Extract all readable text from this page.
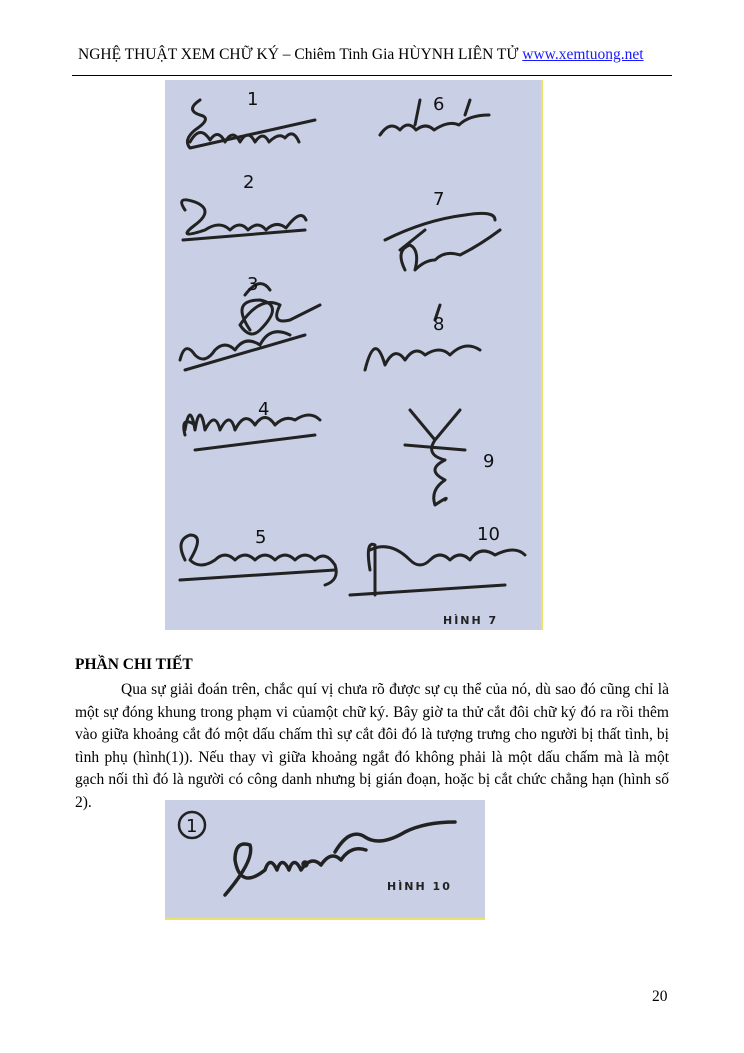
NGHỆ THUẬT XEM CHỮ KÝ – Chiêm Tinh Gia HÙYNH LIÊN TỬ www.xemtuong.net
1
2
3
4
5
6
7
8
9
10
HÌNH 7
PHẦN CHI TIẾT

Qua sự giải đoán trên, chắc quí vị chưa rõ được sự cụ thể của nó, dù sao đó cũng chỉ là một sự đóng khung trong phạm vi củamột chữ ký. Bây giờ ta thử cắt đôi chữ ký đó ra rồi thêm vào giữa khoảng cắt đó một dấu chấm thì sự cắt đôi đó là tượng trưng cho người bị thất tình, bị tình phụ (hình(1)). Nếu thay vì giữa khoảng ngắt đó không phải là một dấu chấm mà là một gạch nối thì đó là người có công danh nhưng bị gián đoạn, hoặc bị cắt chức chẳng hạn (hình số 2).

1
HÌNH 10
20
